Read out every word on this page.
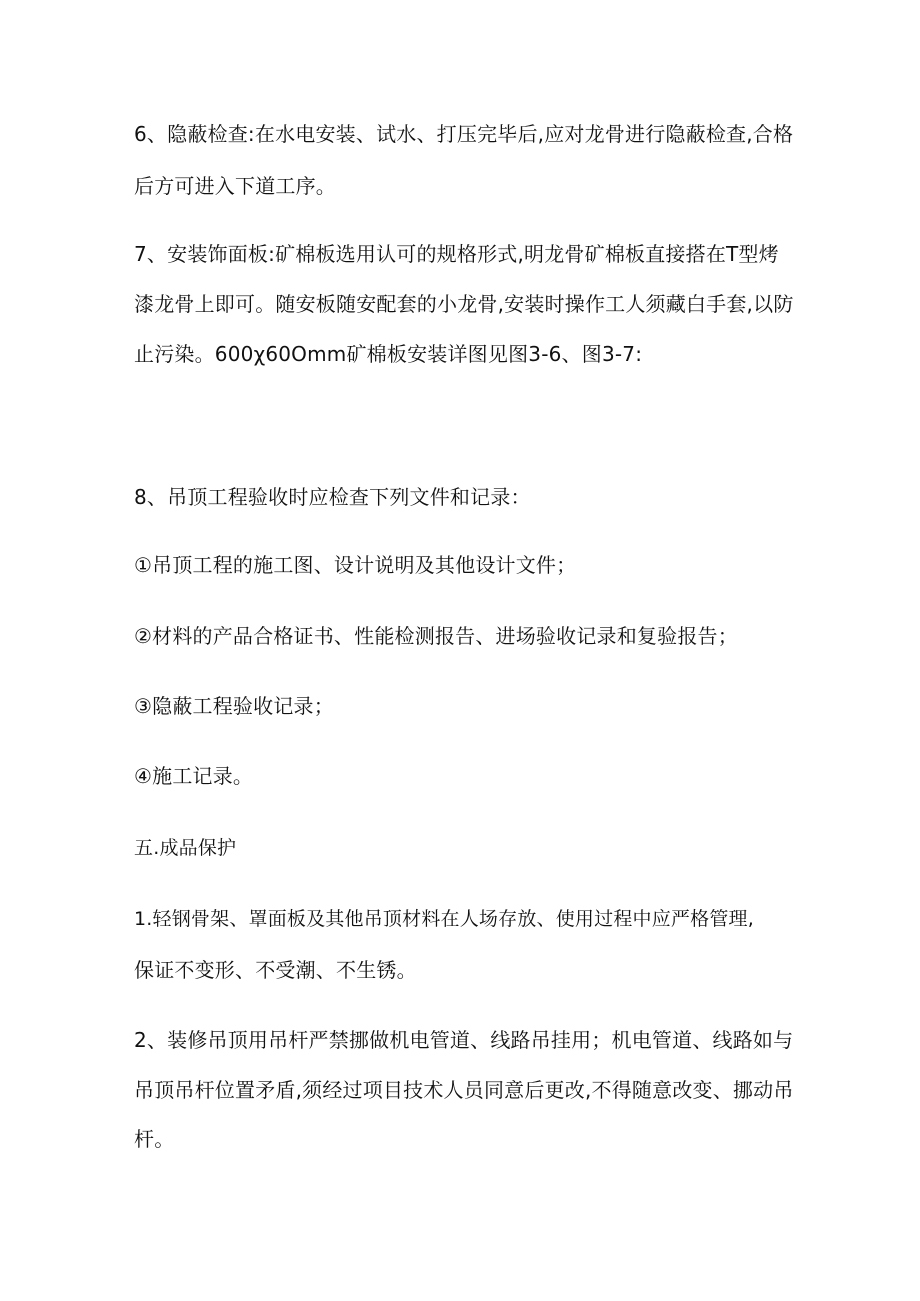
6、隐蔽检查:在水电安装、试水、打压完毕后,应对龙骨进行隐蔽检查,合格
后方可进入下道工序。
7、安装饰面板:矿棉板选用认可的规格形式,明龙骨矿棉板直接搭在T型烤
漆龙骨上即可。随安板随安配套的小龙骨,安装时操作工人须藏白手套,以防
止污染。600χ60Omm矿棉板安装详图见图3-6、图3-7:
8、吊顶工程验收时应检查下列文件和记录：
①吊顶工程的施工图、设计说明及其他设计文件；
②材料的产品合格证书、性能检测报告、进场验收记录和复验报告；
③隐蔽工程验收记录；
④施工记录。
五.成品保护
1.轻钢骨架、罩面板及其他吊顶材料在人场存放、使用过程中应严格管理,
保证不变形、不受潮、不生锈。
2、装修吊顶用吊杆严禁挪做机电管道、线路吊挂用；机电管道、线路如与
吊顶吊杆位置矛盾,须经过项目技术人员同意后更改,不得随意改变、挪动吊
杆。
